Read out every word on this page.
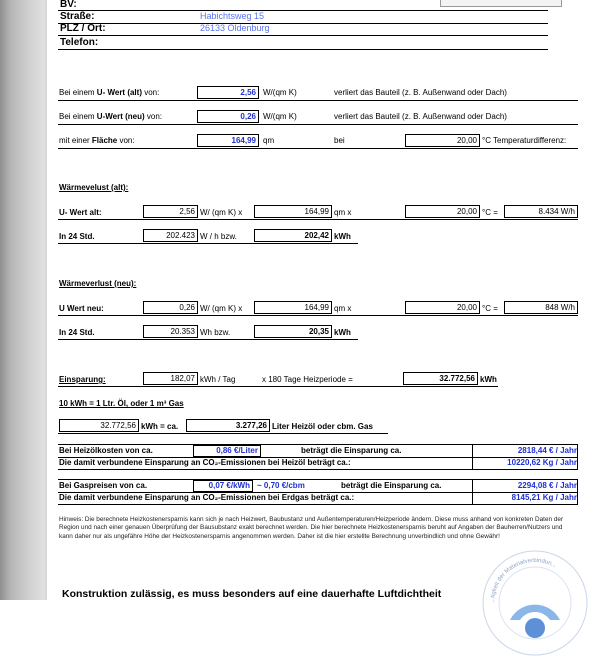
BV:
Straße:	Habichtsweg 15
PLZ / Ort:	26133 Oldenburg
Telefon:
Bei einem U- Wert (alt) von:	2,56 W/(qm K)	verliert das Bauteil (z. B. Außenwand oder Dach)
Bei einem U-Wert (neu) von:	0,26 W/(qm K)	verliert das Bauteil (z. B. Außenwand oder Dach)
mit einer Fläche von:	164,99 qm	bei	20,00 °C Temperaturdifferenz:
Wärmevelust (alt):
U- Wert alt:	2,56 W/ (qm K) x	164,99 qm x	20,00 °C =	8.434 W/h
In 24 Std.	202.423 W / h bzw.	202,42 kWh
Wärmeverlust (neu):
U Wert neu:	0,26 W/ (qm K) x	164,99 qm x	20,00 °C =	848 W/h
In 24 Std.	20.353 Wh bzw.	20,35 kWh
Einsparung:	182,07 kWh / Tag	x 180 Tage Heizperiode =	32.772,56 kWh
10 kWh = 1 Ltr. Öl, oder 1 m³ Gas
32.772,56 kWh = ca.	3.277,26 Liter Heizöl oder cbm. Gas
Bei Heizölkosten von ca.	0,86 €/Liter	beträgt die Einsparung ca.	2818,44 € / Jahr
Die damit verbundene Einsparung an CO₂-Emissionen bei Heizöl beträgt ca.:	10220,62 Kg / Jahr
Bei Gaspreisen von ca.	0,07 €/kWh ~ 0,70 €/cbm	beträgt die Einsparung ca.	2294,08 € / Jahr
Die damit verbundene Einsparung an CO₂-Emissionen bei Erdgas beträgt ca.:	8145,21 Kg / Jahr
Hinweis: Die berechnete Heizkostenersparnis kann sich je nach Heizwert, Baubustanz und Außentemperaturen/Heizperiode ändern. Diese muss anhand von konkreten Daten der Region und nach einer genauen Überprüfung der Bausubstanz exakt berechnet werden. Die hier berechnete Heizkostenersparnis beruht auf Angaben der Bauherren/Nutzers und kann daher nur als ungefähre Höhe der Heizkostenersparnis angenommen werden. Daher ist die hier erstellte Berechnung unverbindlich und ohne Gewähr!
Konstruktion zulässig, es muss besonders auf eine dauerhafte Luftdichtheit
...tigkeit der Materialverbindun...
